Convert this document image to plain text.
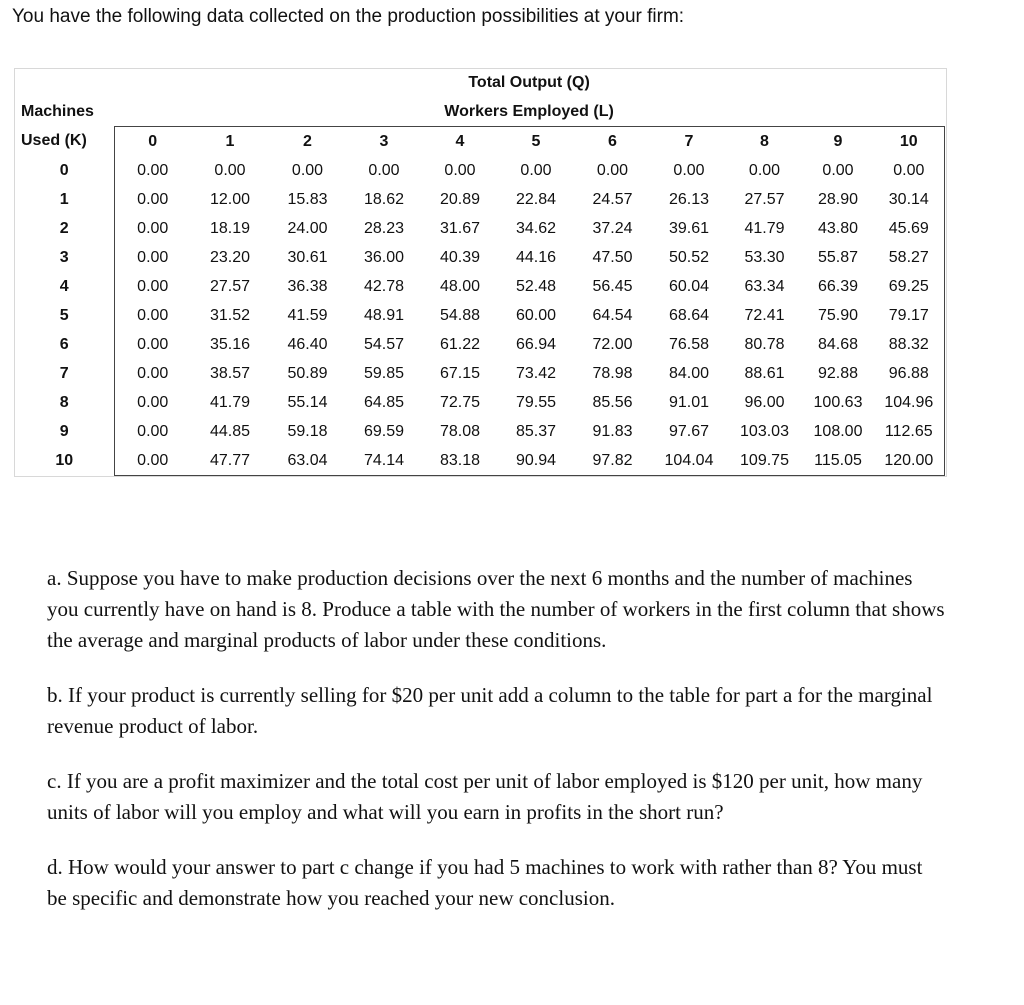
You have the following data collected on the production possibilities at your firm:
	Total Output (Q)										
Machines	Workers Employed (L)										
Used (K)	0	1	2	3	4	5	6	7	8	9	10
0	0.00	0.00	0.00	0.00	0.00	0.00	0.00	0.00	0.00	0.00	0.00
1	0.00	12.00	15.83	18.62	20.89	22.84	24.57	26.13	27.57	28.90	30.14
2	0.00	18.19	24.00	28.23	31.67	34.62	37.24	39.61	41.79	43.80	45.69
3	0.00	23.20	30.61	36.00	40.39	44.16	47.50	50.52	53.30	55.87	58.27
4	0.00	27.57	36.38	42.78	48.00	52.48	56.45	60.04	63.34	66.39	69.25
5	0.00	31.52	41.59	48.91	54.88	60.00	64.54	68.64	72.41	75.90	79.17
6	0.00	35.16	46.40	54.57	61.22	66.94	72.00	76.58	80.78	84.68	88.32
7	0.00	38.57	50.89	59.85	67.15	73.42	78.98	84.00	88.61	92.88	96.88
8	0.00	41.79	55.14	64.85	72.75	79.55	85.56	91.01	96.00	100.63	104.96
9	0.00	44.85	59.18	69.59	78.08	85.37	91.83	97.67	103.03	108.00	112.65
10	0.00	47.77	63.04	74.14	83.18	90.94	97.82	104.04	109.75	115.05	120.00

a. Suppose you have to make production decisions over the next 6 months and the number of machines you currently have on hand is 8. Produce a table with the number of workers in the first column that shows the average and marginal products of labor under these conditions.

b. If your product is currently selling for $20 per unit add a column to the table for part a for the marginal revenue product of labor.

c. If you are a profit maximizer and the total cost per unit of labor employed is $120 per unit, how many units of labor will you employ and what will you earn in profits in the short run?

d. How would your answer to part c change if you had 5 machines to work with rather than 8? You must be specific and demonstrate how you reached your new conclusion.
